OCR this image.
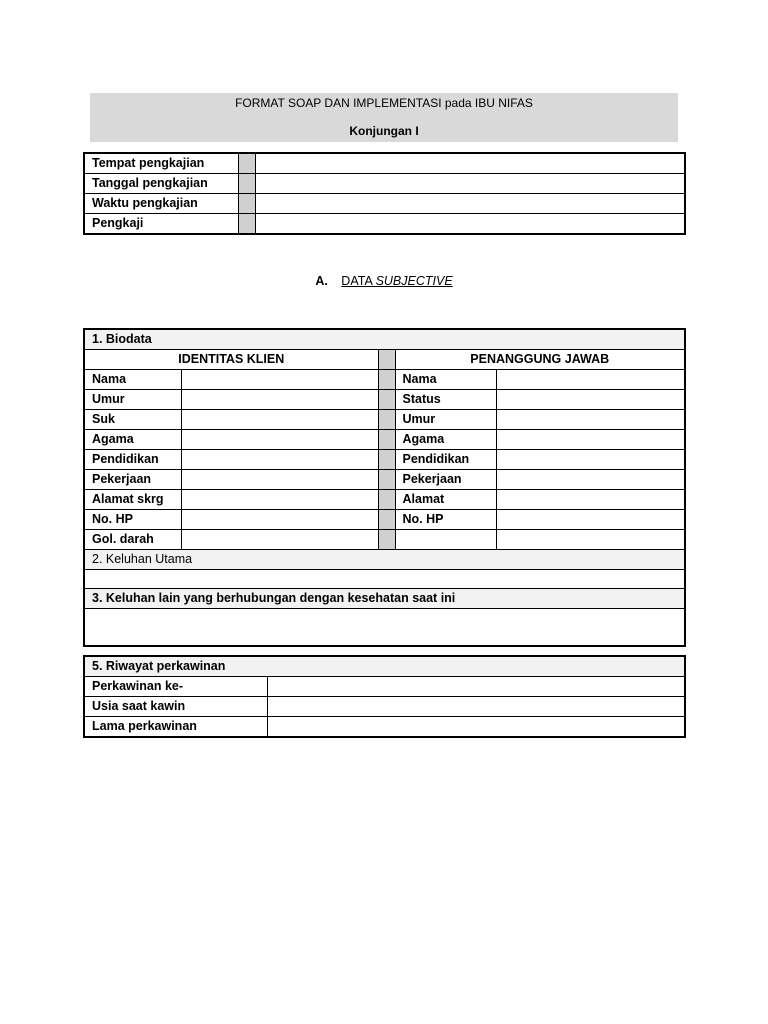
FORMAT SOAP DAN IMPLEMENTASI pada IBU NIFAS
Konjungan I
Tempat pengkajian		
Tanggal pengkajian		
Waktu pengkajian		
Pengkaji		
A. DATA SUBJECTIVE
1. Biodata				
IDENTITAS KLIEN			PENANGGUNG JAWAB	
Nama			Nama	
Umur			Status	
Suk			Umur	
Agama			Agama	
Pendidikan			Pendidikan	
Pekerjaan			Pekerjaan	
Alamat skrg			Alamat	
No. HP			No. HP	
Gol. darah				
2. Keluhan Utama				

3. Keluhan lain yang berhubungan dengan kesehatan saat ini				

5. Riwayat perkawinan	
Perkawinan ke-	
Usia saat kawin	
Lama perkawinan	
